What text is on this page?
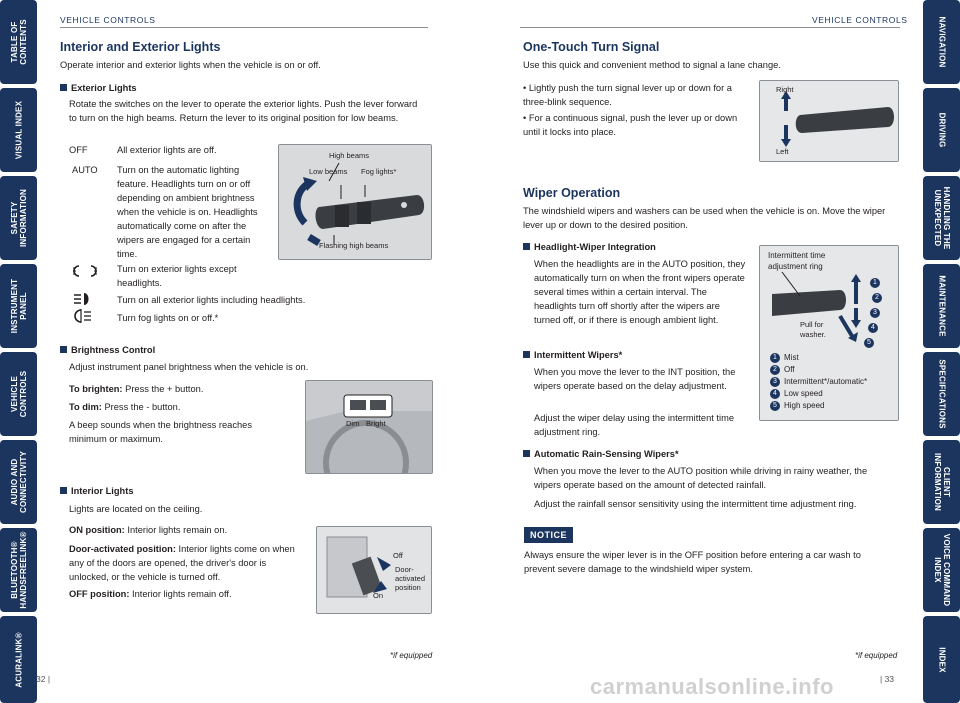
TABLE OF
CONTENTS
VISUAL INDEX
SAFETY
INFORMATION
INSTRUMENT
PANEL
VEHICLE
CONTROLS
AUDIO AND
CONNECTIVITY
BLUETOOTH®
HANDSFREELINK®
ACURALINK®
NAVIGATION
DRIVING
HANDLING THE
UNEXPECTED
MAINTENANCE
SPECIFICATIONS
CLIENT
INFORMATION
VOICE COMMAND
INDEX
INDEX
VEHICLE CONTROLS	VEHICLE CONTROLS
Interior and Exterior Lights
Operate interior and exterior lights when the vehicle is on or off.
Exterior Lights
Rotate the switches on the lever to operate the exterior lights. Push the lever forward to turn on the high beams. Return the lever to its original position for low beams.
OFF	All exterior lights are off.
AUTO Turn on the automatic lighting feature. Headlights turn on or off depending on ambient brightness when the vehicle is on. Headlights automatically come on after the wipers are engaged for a certain time.
Turn on exterior lights except headlights.
Turn on all exterior lights including headlights.
Turn fog lights on or off.*
High beams
Low beams Fog lights*
Flashing high beams
Brightness Control
Adjust instrument panel brightness when the vehicle is on.
To brighten: Press the + button.
To dim: Press the - button.
A beep sounds when the brightness reaches minimum or maximum.
Dim Bright
Interior Lights
Lights are located on the ceiling.
ON position: Interior lights remain on.
Door-activated position: Interior lights come on when any of the doors are opened, the driver's door is unlocked, or the vehicle is turned off.
OFF position: Interior lights remain off.
Off
Door-
activated
position
On
*if equipped
32 |
One-Touch Turn Signal
Use this quick and convenient method to signal a lane change.
• Lightly push the turn signal lever up or down for a three-blink sequence.
• For a continuous signal, push the lever up or down until it locks into place.
Right
Left
Wiper Operation
The windshield wipers and washers can be used when the vehicle is on. Move the wiper lever up or down to the desired position.
Headlight-Wiper Integration
When the headlights are in the AUTO position, they automatically turn on when the front wipers operate several times within a certain interval. The headlights turn off shortly after the wipers are turned off, or if there is enough ambient light.
Intermittent Wipers*
When you move the lever to the INT position, the wipers operate based on the delay adjustment.
Adjust the wiper delay using the intermittent time adjustment ring.
Intermittent time
adjustment ring
Pull for
washer.
1
2
3
4
5
1 Mist
2 Off
3 Intermittent*/automatic*
4 Low speed
5 High speed
Automatic Rain-Sensing Wipers*
When you move the lever to the AUTO position while driving in rainy weather, the wipers operate based on the amount of detected rainfall.
Adjust the rainfall sensor sensitivity using the intermittent time adjustment ring.
NOTICE
Always ensure the wiper lever is in the OFF position before entering a car wash to prevent severe damage to the windshield wiper system.
*if equipped
| 33
carmanualsonline.info
